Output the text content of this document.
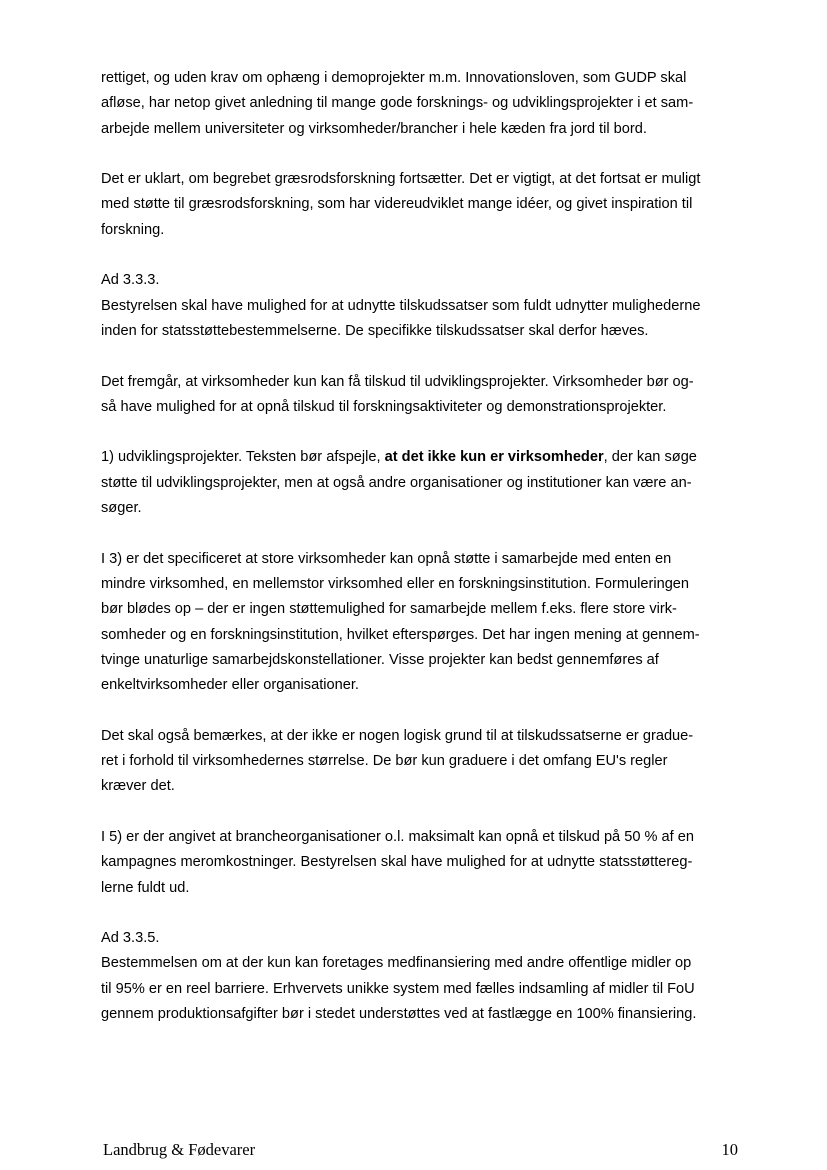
rettiget, og uden krav om ophæng i demoprojekter m.m. Innovationsloven, som GUDP skal
afløse, har netop givet anledning til mange gode forsknings- og udviklingsprojekter i et sam-
arbejde mellem universiteter og virksomheder/brancher i hele kæden fra jord til bord.

Det er uklart, om begrebet græsrodsforskning fortsætter. Det er vigtigt, at det fortsat er muligt
med støtte til græsrodsforskning, som har videreudviklet mange idéer, og givet inspiration til
forskning.

Ad 3.3.3.
Bestyrelsen skal have mulighed for at udnytte tilskudssatser som fuldt udnytter mulighederne
inden for statsstøttebestemmelserne. De specifikke tilskudssatser skal derfor hæves.

Det fremgår, at virksomheder kun kan få tilskud til udviklingsprojekter. Virksomheder bør og-
så have mulighed for at opnå tilskud til forskningsaktiviteter og demonstrationsprojekter.

1) udviklingsprojekter. Teksten bør afspejle, at det ikke kun er virksomheder, der kan søge
støtte til udviklingsprojekter, men at også andre organisationer og institutioner kan være an-
søger.

I 3) er det specificeret at store virksomheder kan opnå støtte i samarbejde med enten en
mindre virksomhed, en mellemstor virksomhed eller en forskningsinstitution. Formuleringen
bør blødes op – der er ingen støttemulighed for samarbejde mellem f.eks. flere store virk-
somheder og en forskningsinstitution, hvilket efterspørges. Det har ingen mening at gennem-
tvinge unaturlige samarbejdskonstellationer. Visse projekter kan bedst gennemføres af
enkeltvirksomheder eller organisationer.

Det skal også bemærkes, at der ikke er nogen logisk grund til at tilskudssatserne er gradue-
ret i forhold til virksomhedernes størrelse. De bør kun graduere i det omfang EU's regler
kræver det.

I 5) er der angivet at brancheorganisationer o.l. maksimalt kan opnå et tilskud på 50 % af en
kampagnes meromkostninger. Bestyrelsen skal have mulighed for at udnytte statsstøttereg-
lerne fuldt ud.

Ad 3.3.5.
Bestemmelsen om at der kun kan foretages medfinansiering med andre offentlige midler op
til 95% er en reel barriere. Erhvervets unikke system med fælles indsamling af midler til FoU
gennem produktionsafgifter bør i stedet understøttes ved at fastlægge en 100% finansiering.

Landbrug & Fødevarer	10
